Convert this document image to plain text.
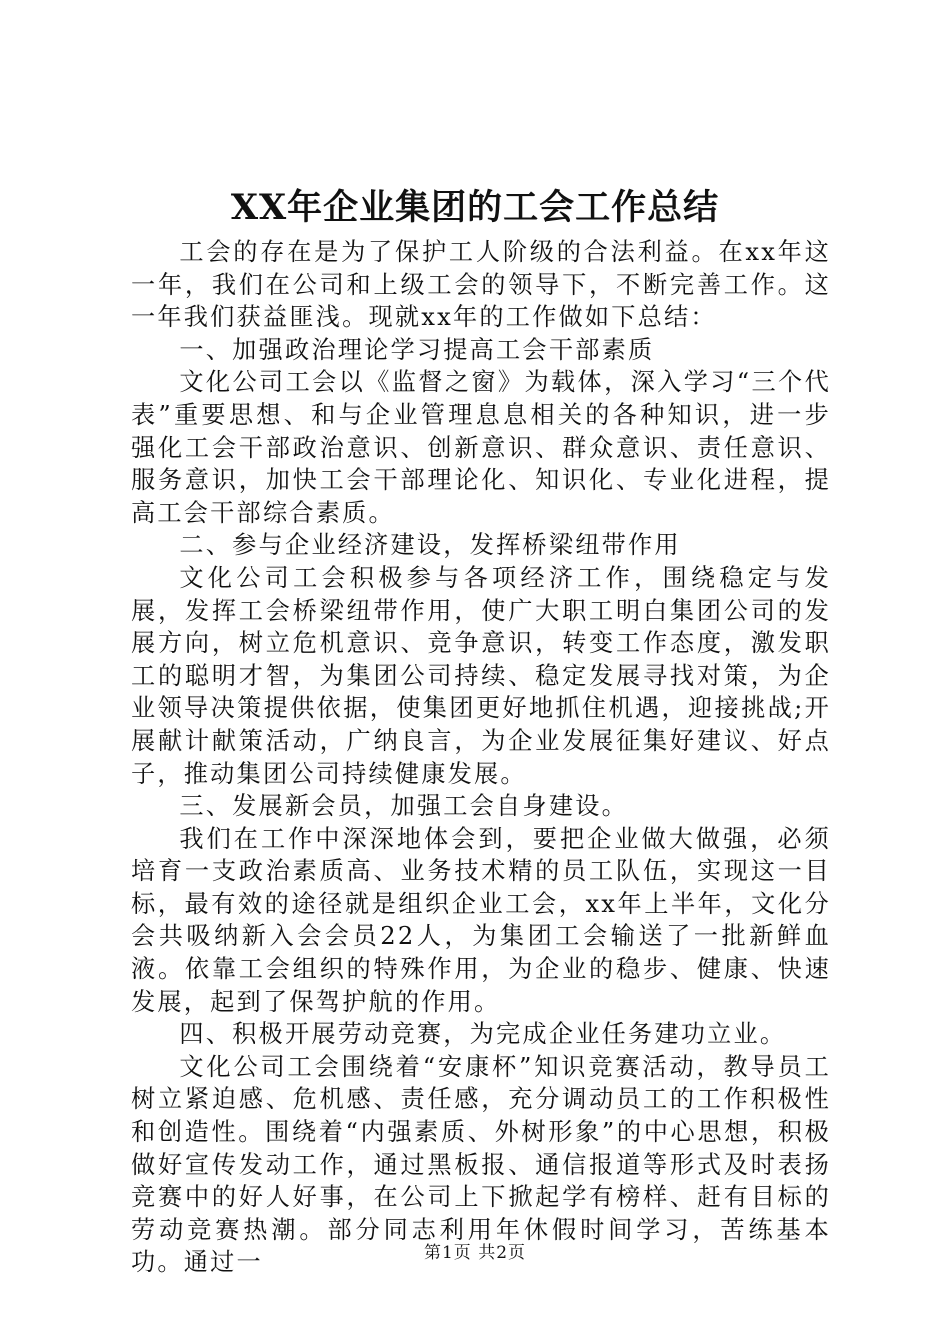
XX年企业集团的工会工作总结

工会的存在是为了保护工人阶级的合法利益。在xx年这一年，我们在公司和上级工会的领导下，不断完善工作。这一年我们获益匪浅。现就xx年的工作做如下总结：

一、加强政治理论学习提高工会干部素质

文化公司工会以《监督之窗》为载体，深入学习“三个代表”重要思想、和与企业管理息息相关的各种知识，进一步强化工会干部政治意识、创新意识、群众意识、责任意识、服务意识，加快工会干部理论化、知识化、专业化进程，提高工会干部综合素质。

二、参与企业经济建设，发挥桥梁纽带作用

文化公司工会积极参与各项经济工作，围绕稳定与发展，发挥工会桥梁纽带作用，使广大职工明白集团公司的发展方向，树立危机意识、竞争意识，转变工作态度，激发职工的聪明才智，为集团公司持续、稳定发展寻找对策，为企业领导决策提供依据，使集团更好地抓住机遇，迎接挑战;开展献计献策活动，广纳良言，为企业发展征集好建议、好点子，推动集团公司持续健康发展。

三、发展新会员，加强工会自身建设。

我们在工作中深深地体会到，要把企业做大做强，必须培育一支政治素质高、业务技术精的员工队伍，实现这一目标，最有效的途径就是组织企业工会，xx年上半年，文化分会共吸纳新入会会员22人，为集团工会输送了一批新鲜血液。依靠工会组织的特殊作用，为企业的稳步、健康、快速发展，起到了保驾护航的作用。

四、积极开展劳动竞赛，为完成企业任务建功立业。

文化公司工会围绕着“安康杯”知识竞赛活动，教导员工树立紧迫感、危机感、责任感，充分调动员工的工作积极性和创造性。围绕着“内强素质、外树形象”的中心思想，积极做好宣传发动工作，通过黑板报、通信报道等形式及时表扬竞赛中的好人好事，在公司上下掀起学有榜样、赶有目标的劳动竞赛热潮。部分同志利用年休假时间学习，苦练基本功。通过一	第1页 共2页
